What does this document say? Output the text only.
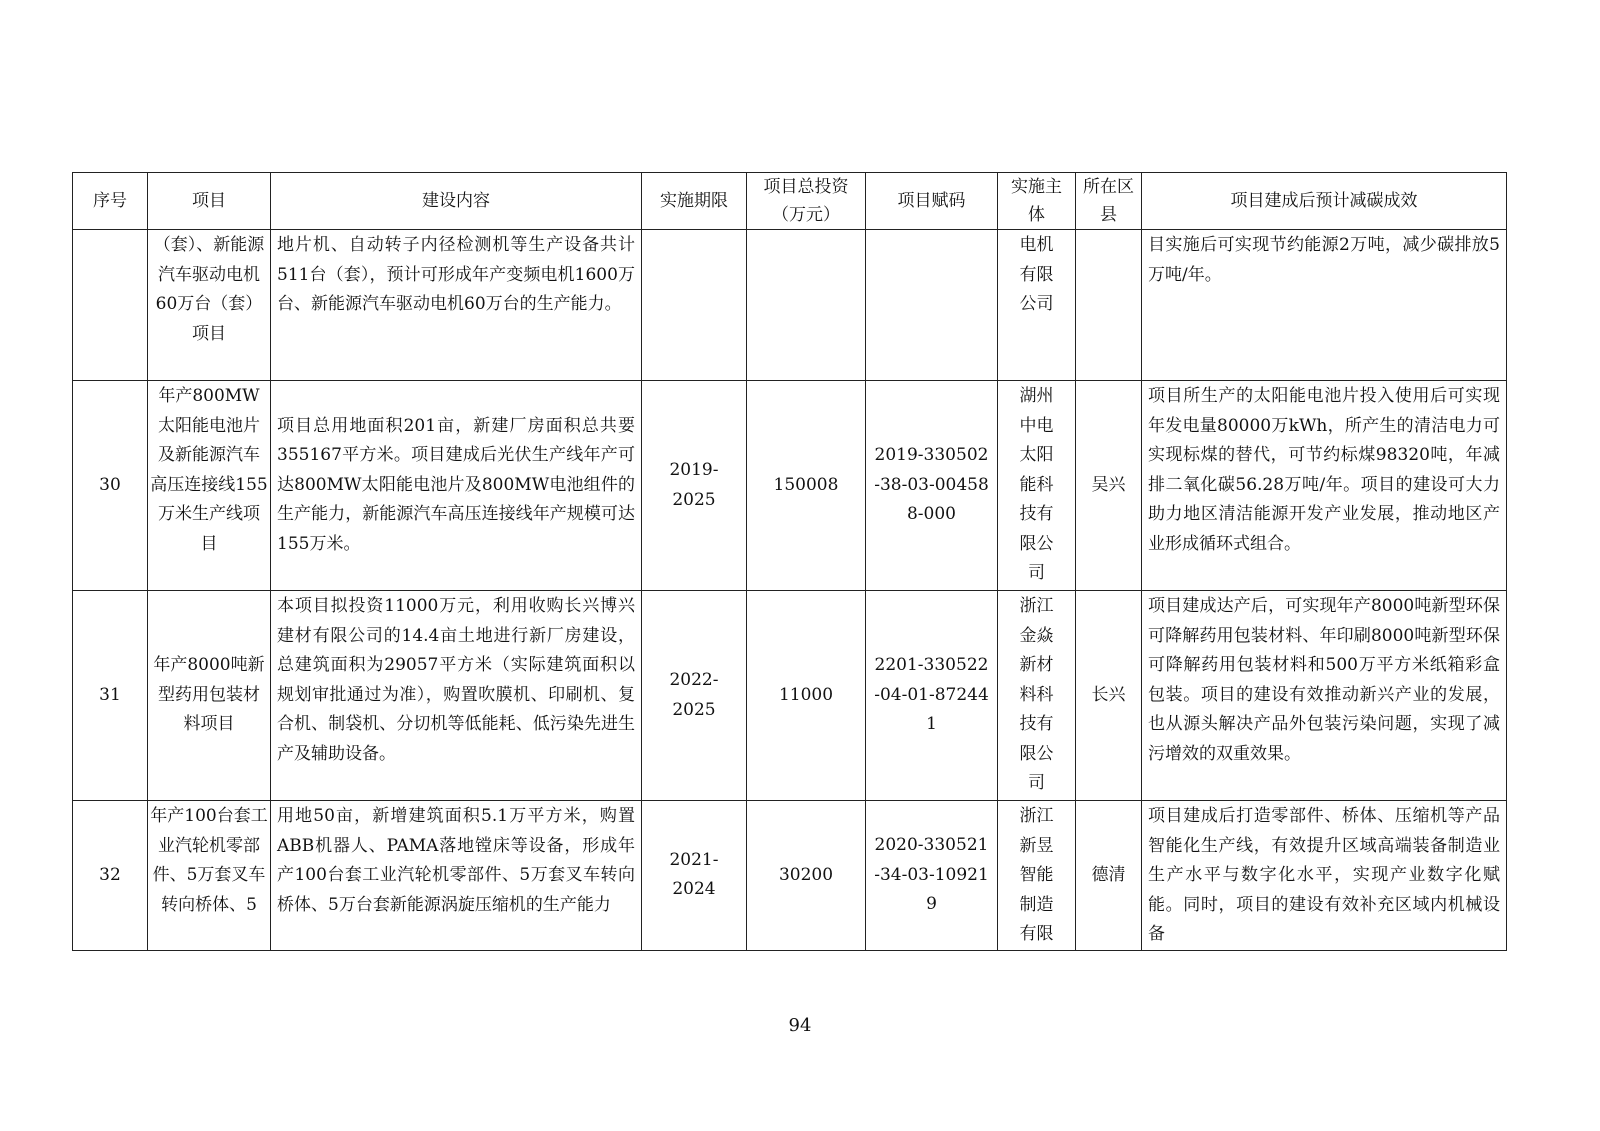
序号	项目	建设内容	实施期限	项目总投资（万元）	项目赋码	实施主体	所在区县	项目建成后预计减碳成效
	（套）、新能源汽车驱动电机60万台（套）项目	地片机、自动转子内径检测机等生产设备共计511台（套），预计可形成年产变频电机1600万台、新能源汽车驱动电机60万台的生产能力。				电机有限公司		目实施后可实现节约能源2万吨，减少碳排放5万吨/年。
30	年产800MW太阳能电池片及新能源汽车高压连接线155万米生产线项目	项目总用地面积201亩，新建厂房面积总共要355167平方米。项目建成后光伏生产线年产可达800MW太阳能电池片及800MW电池组件的生产能力，新能源汽车高压连接线年产规模可达155万米。	2019-2025	150008	2019-330502-38-03-004588-000	湖州中电太阳能科技有限公司	吴兴	项目所生产的太阳能电池片投入使用后可实现年发电量80000万kWh，所产生的清洁电力可实现标煤的替代，可节约标煤98320吨，年减排二氧化碳56.28万吨/年。项目的建设可大力助力地区清洁能源开发产业发展，推动地区产业形成循环式组合。
31	年产8000吨新型药用包装材料项目	本项目拟投资11000万元，利用收购长兴博兴建材有限公司的14.4亩土地进行新厂房建设，总建筑面积为29057平方米（实际建筑面积以规划审批通过为准），购置吹膜机、印刷机、复合机、制袋机、分切机等低能耗、低污染先进生产及辅助设备。	2022-2025	11000	2201-330522-04-01-872441	浙江金焱新材料科技有限公司	长兴	项目建成达产后，可实现年产8000吨新型环保可降解药用包装材料、年印刷8000吨新型环保可降解药用包装材料和500万平方米纸箱彩盒包装。项目的建设有效推动新兴产业的发展，也从源头解决产品外包装污染问题，实现了减污增效的双重效果。
32	年产100台套工业汽轮机零部件、5万套叉车转向桥体、5	用地50亩，新增建筑面积5.1万平方米，购置ABB机器人、PAMA落地镗床等设备，形成年产100台套工业汽轮机零部件、5万套叉车转向桥体、5万台套新能源涡旋压缩机的生产能力	2021-2024	30200	2020-330521-34-03-109219	浙江新昱智能制造有限	德清	项目建成后打造零部件、桥体、压缩机等产品智能化生产线，有效提升区域高端装备制造业生产水平与数字化水平，实现产业数字化赋能。同时，项目的建设有效补充区域内机械设备
94
